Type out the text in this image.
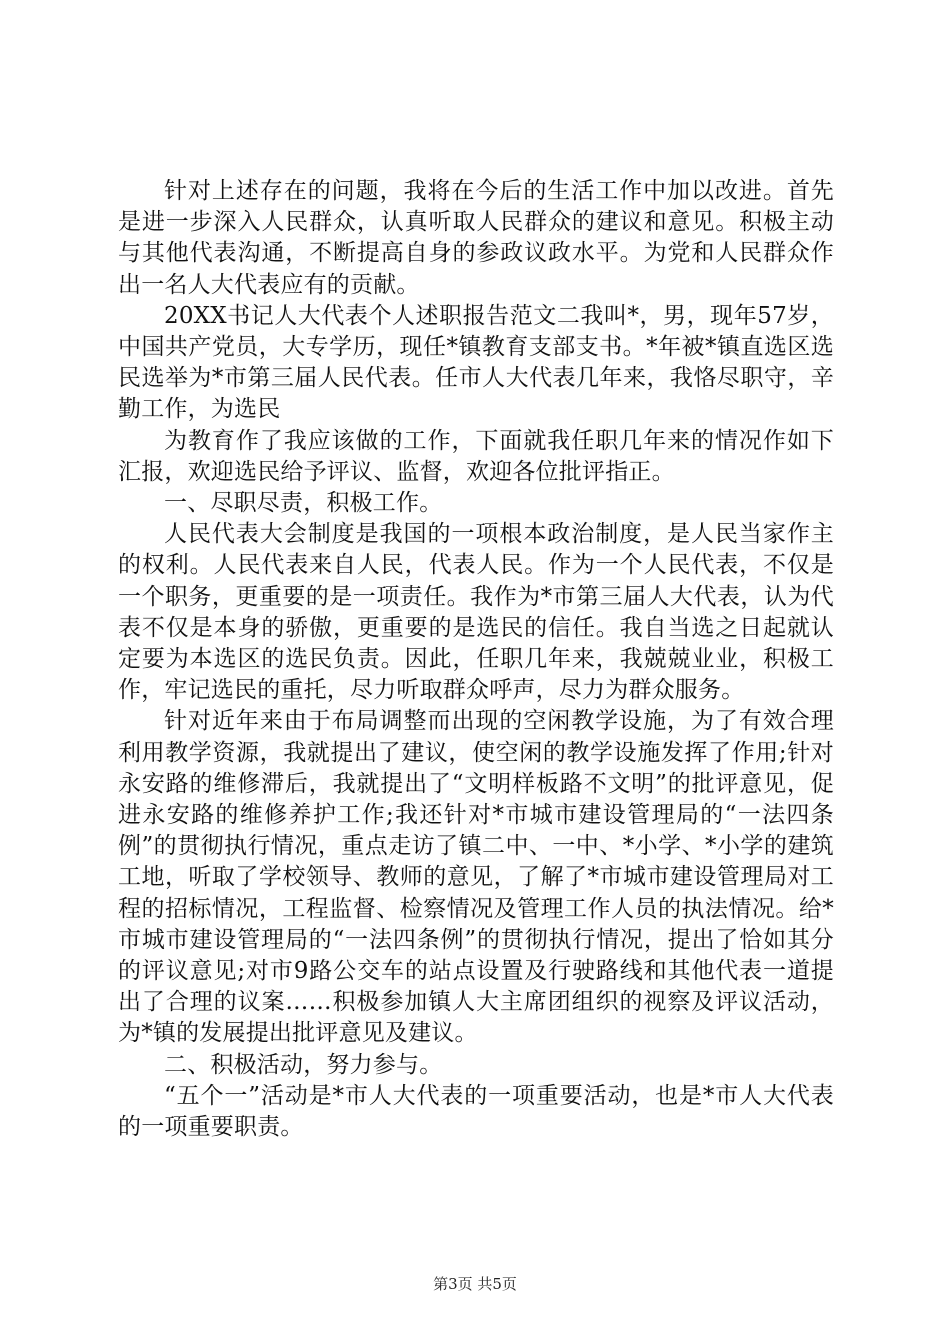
针对上述存在的问题，我将在今后的生活工作中加以改进。首先是进一步深入人民群众，认真听取人民群众的建议和意见。积极主动与其他代表沟通，不断提高自身的参政议政水平。为党和人民群众作出一名人大代表应有的贡献。

20XX书记人大代表个人述职报告范文二我叫*，男，现年57岁，中国共产党员，大专学历，现任*镇教育支部支书。*年被*镇直选区选民选举为*市第三届人民代表。任市人大代表几年来，我恪尽职守，辛勤工作，为选民

为教育作了我应该做的工作，下面就我任职几年来的情况作如下汇报，欢迎选民给予评议、监督，欢迎各位批评指正。

一、尽职尽责，积极工作。

人民代表大会制度是我国的一项根本政治制度，是人民当家作主的权利。人民代表来自人民，代表人民。作为一个人民代表，不仅是一个职务，更重要的是一项责任。我作为*市第三届人大代表，认为代表不仅是本身的骄傲，更重要的是选民的信任。我自当选之日起就认定要为本选区的选民负责。因此，任职几年来，我兢兢业业，积极工作，牢记选民的重托，尽力听取群众呼声，尽力为群众服务。

针对近年来由于布局调整而出现的空闲教学设施，为了有效合理利用教学资源，我就提出了建议，使空闲的教学设施发挥了作用;针对永安路的维修滞后，我就提出了“文明样板路不文明”的批评意见，促进永安路的维修养护工作;我还针对*市城市建设管理局的“一法四条例”的贯彻执行情况，重点走访了镇二中、一中、*小学、*小学的建筑工地，听取了学校领导、教师的意见，了解了*市城市建设管理局对工程的招标情况，工程监督、检察情况及管理工作人员的执法情况。给*市城市建设管理局的“一法四条例”的贯彻执行情况，提出了恰如其分的评议意见;对市9路公交车的站点设置及行驶路线和其他代表一道提出了合理的议案……积极参加镇人大主席团组织的视察及评议活动，为*镇的发展提出批评意见及建议。

二、积极活动，努力参与。

“五个一”活动是*市人大代表的一项重要活动，也是*市人大代表的一项重要职责。

第3页 共5页
